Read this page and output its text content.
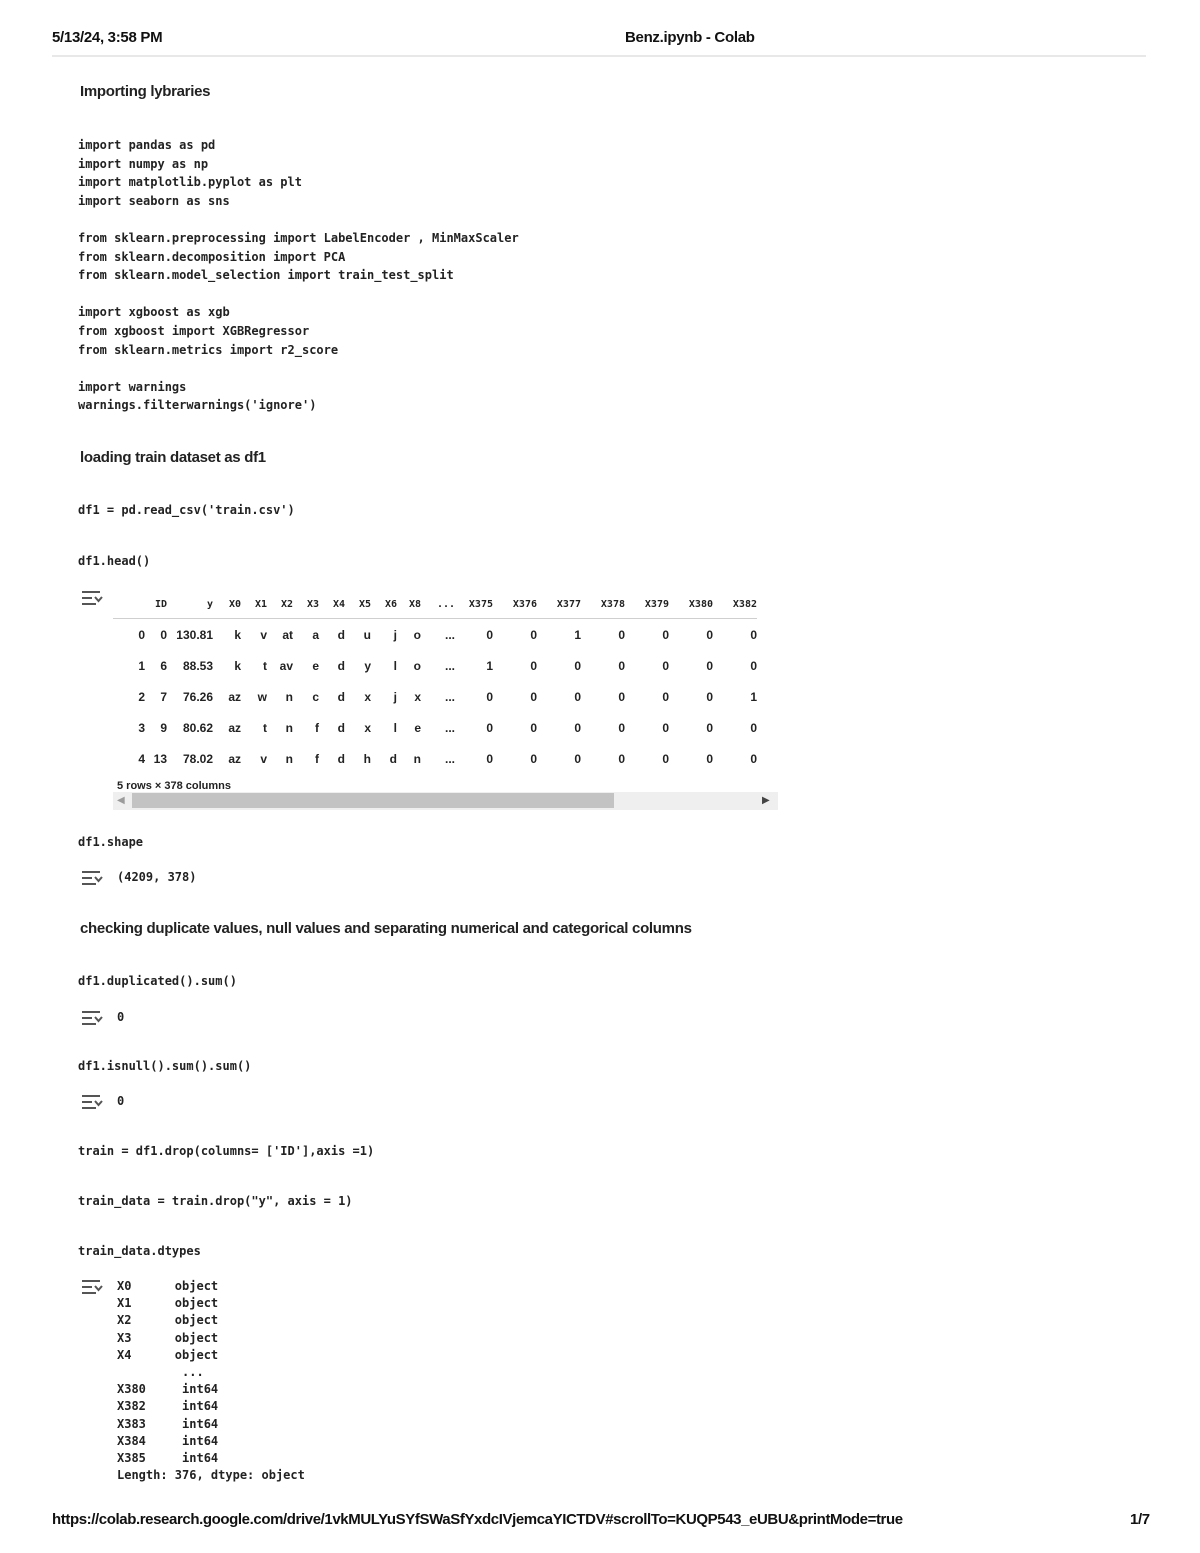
5/13/24, 3:58 PM	Benz.ipynb - Colab
Importing lybraries
import pandas as pd
import numpy as np
import matplotlib.pyplot as plt
import seaborn as sns

from sklearn.preprocessing import LabelEncoder , MinMaxScaler
from sklearn.decomposition import PCA
from sklearn.model_selection import train_test_split

import xgboost as xgb
from xgboost import XGBRegressor
from sklearn.metrics import r2_score

import warnings
warnings.filterwarnings('ignore')
loading train dataset as df1
df1 = pd.read_csv('train.csv')
df1.head()
	ID	y	X0	X1	X2	X3	X4	X5	X6	X8	...	X375	X376	X377	X378	X379	X380	X382
0	0	130.81	k	v	at	a	d	u	j	o	...	0	0	1	0	0	0	0
1	6	88.53	k	t	av	e	d	y	l	o	...	1	0	0	0	0	0	0
2	7	76.26	az	w	n	c	d	x	j	x	...	0	0	0	0	0	0	1
3	9	80.62	az	t	n	f	d	x	l	e	...	0	0	0	0	0	0	0
4	13	78.02	az	v	n	f	d	h	d	n	...	0	0	0	0	0	0	0
5 rows × 378 columns
◀	▶
df1.shape
(4209, 378)
checking duplicate values, null values and separating numerical and categorical columns
df1.duplicated().sum()
0
df1.isnull().sum().sum()
0
train = df1.drop(columns= ['ID'],axis =1)
train_data = train.drop("y", axis = 1)
train_data.dtypes
X0      object
X1      object
X2      object
X3      object
X4      object
...
X380     int64
X382     int64
X383     int64
X384     int64
X385     int64
Length: 376, dtype: object
https://colab.research.google.com/drive/1vkMULYuSYfSWaSfYxdcIVjemcaYICTDV#scrollTo=KUQP543_eUBU&printMode=true	1/7
